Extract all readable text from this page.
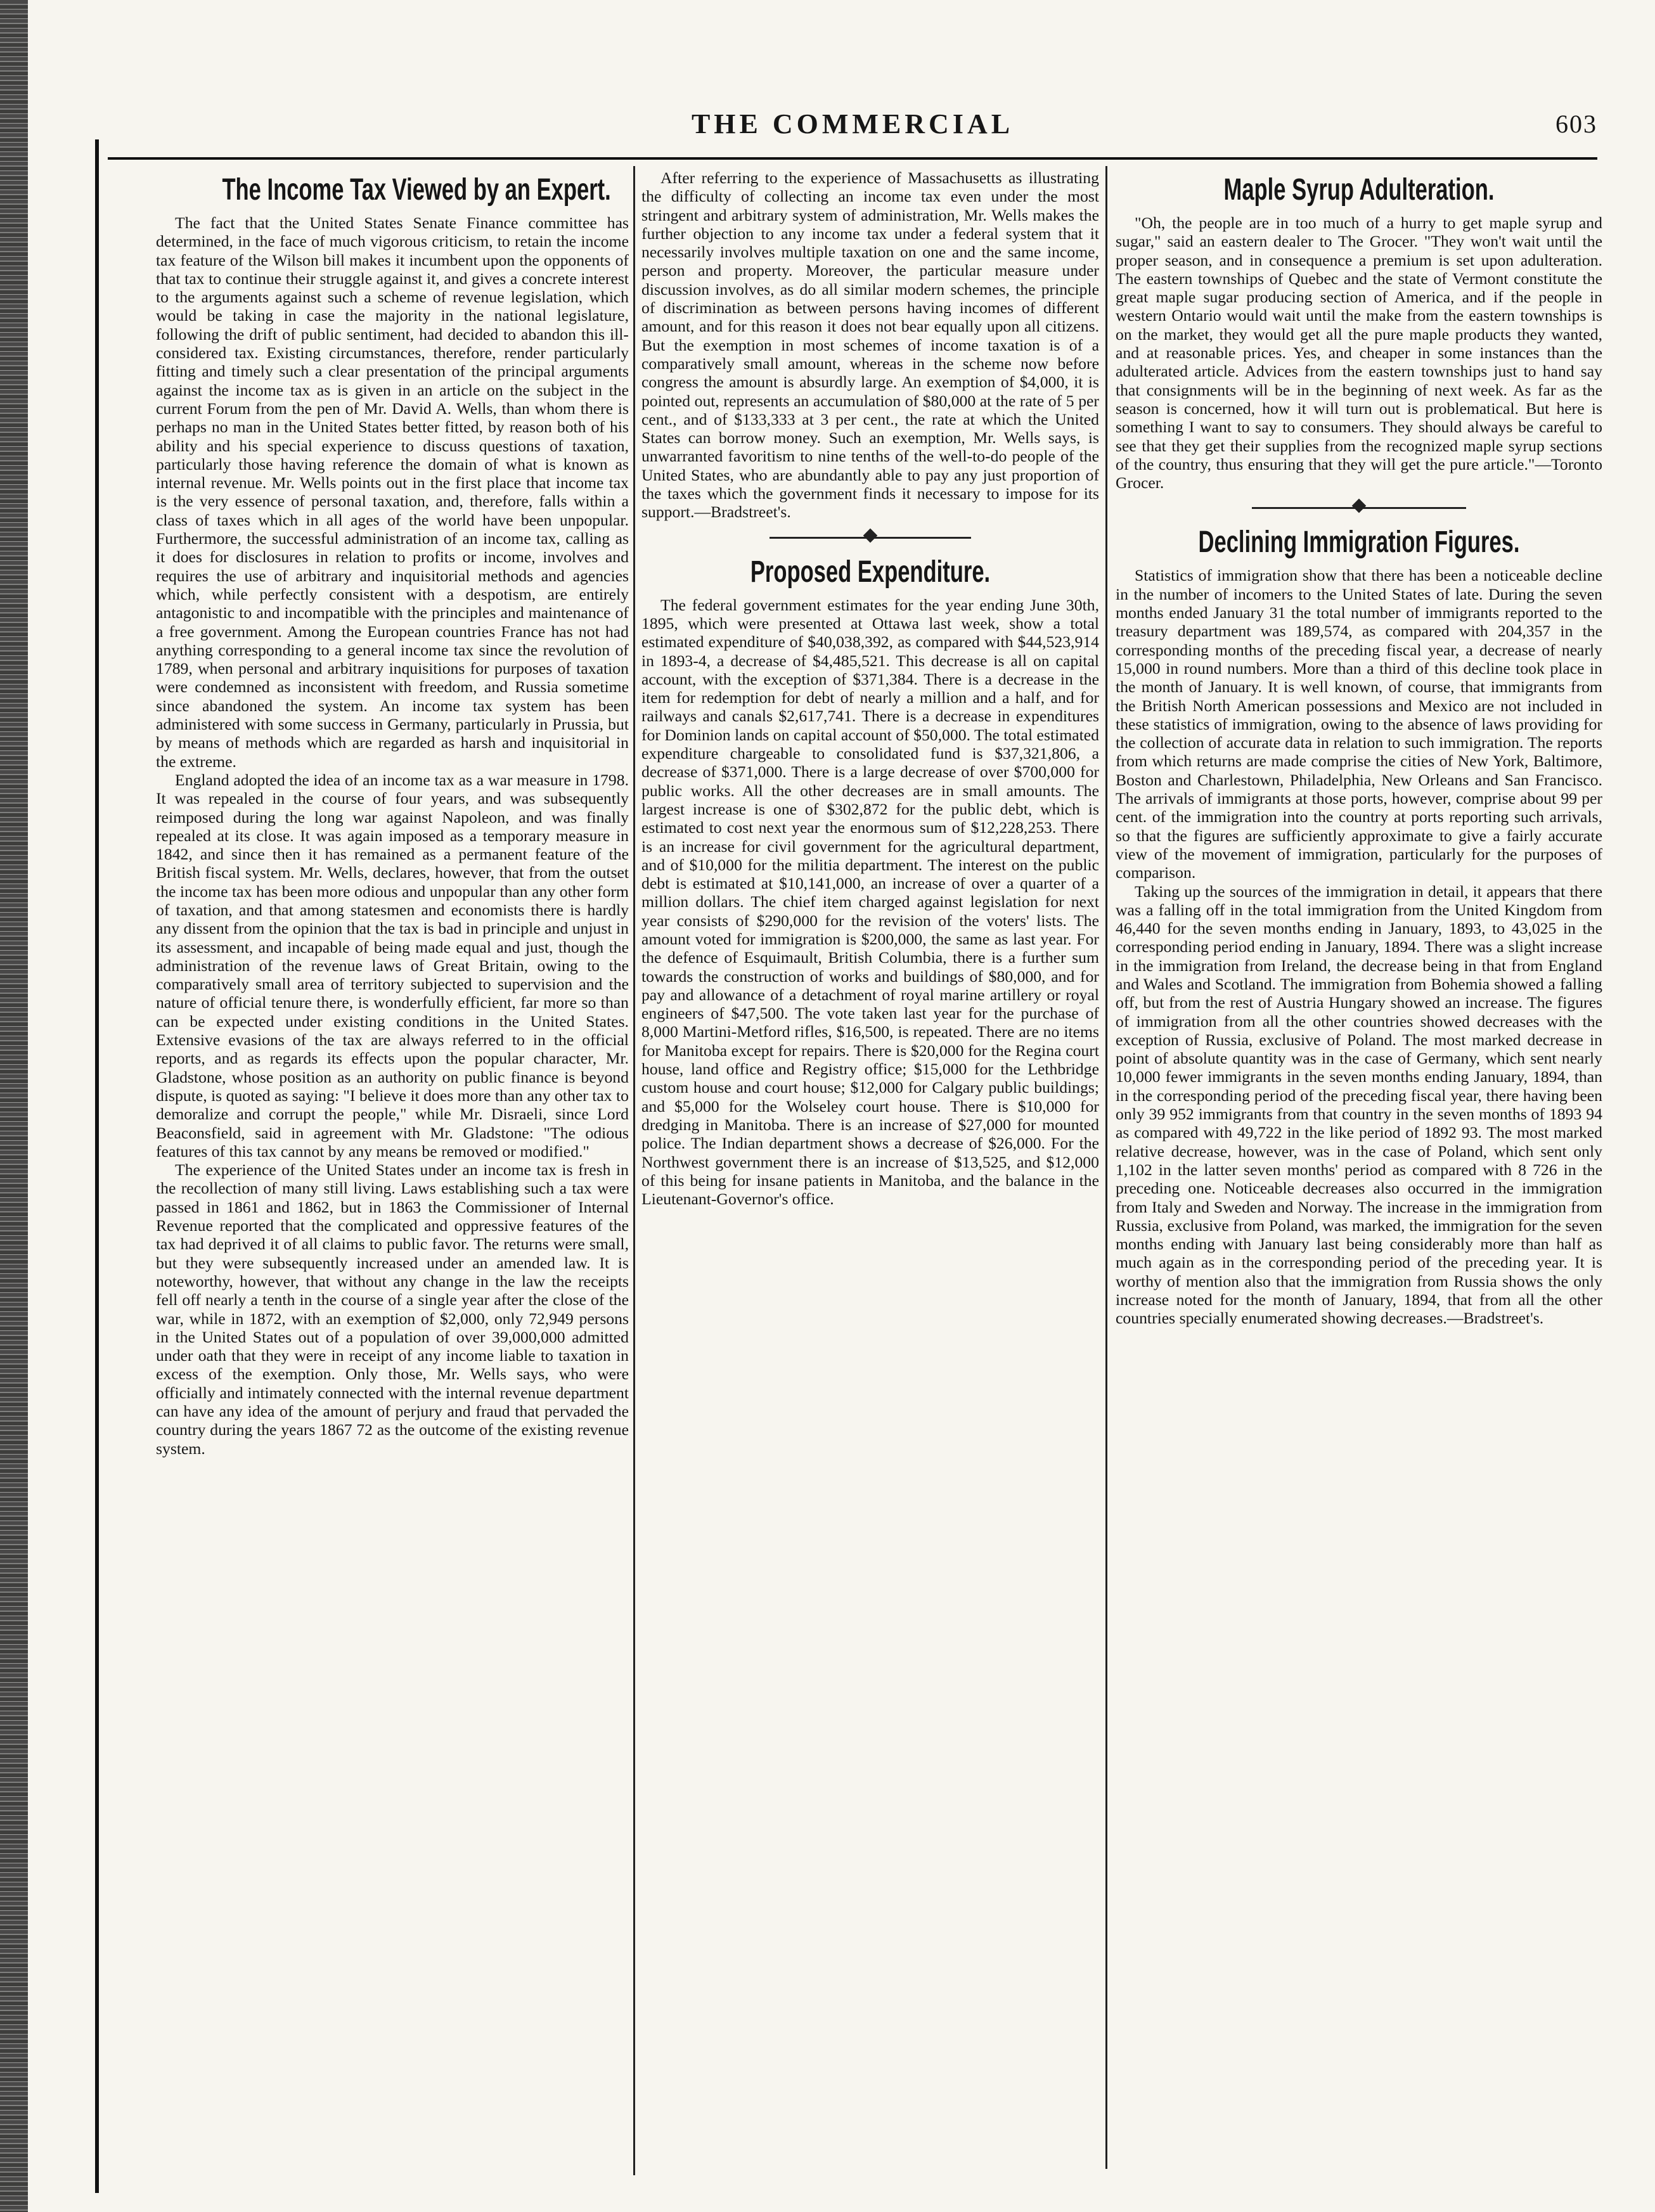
THE COMMERCIAL	603
The Income Tax Viewed by an Expert.

The fact that the United States Senate Finance committee has determined, in the face of much vigorous criticism, to retain the income tax feature of the Wilson bill makes it incumbent upon the opponents of that tax to continue their struggle against it, and gives a concrete interest to the arguments against such a scheme of revenue legislation, which would be taking in case the majority in the national legislature, following the drift of public sentiment, had decided to abandon this ill-considered tax. Existing circumstances, therefore, render particularly fitting and timely such a clear presentation of the principal arguments against the income tax as is given in an article on the subject in the current Forum from the pen of Mr. David A. Wells, than whom there is perhaps no man in the United States better fitted, by reason both of his ability and his special experience to discuss questions of taxation, particularly those having reference the domain of what is known as internal revenue. Mr. Wells points out in the first place that income tax is the very essence of personal taxation, and, therefore, falls within a class of taxes which in all ages of the world have been unpopular. Furthermore, the successful administration of an income tax, calling as it does for disclosures in relation to profits or income, involves and requires the use of arbitrary and inquisitorial methods and agencies which, while perfectly consistent with a despotism, are entirely antagonistic to and incompatible with the principles and maintenance of a free government. Among the European countries France has not had anything corresponding to a general income tax since the revolution of 1789, when personal and arbitrary inquisitions for purposes of taxation were condemned as inconsistent with freedom, and Russia sometime since abandoned the system. An income tax system has been administered with some success in Germany, particularly in Prussia, but by means of methods which are regarded as harsh and inquisitorial in the extreme.

England adopted the idea of an income tax as a war measure in 1798. It was repealed in the course of four years, and was subsequently reimposed during the long war against Napoleon, and was finally repealed at its close. It was again imposed as a temporary measure in 1842, and since then it has remained as a permanent feature of the British fiscal system. Mr. Wells, declares, however, that from the outset the income tax has been more odious and unpopular than any other form of taxation, and that among statesmen and economists there is hardly any dissent from the opinion that the tax is bad in principle and unjust in its assessment, and incapable of being made equal and just, though the administration of the revenue laws of Great Britain, owing to the comparatively small area of territory subjected to supervision and the nature of official tenure there, is wonderfully efficient, far more so than can be expected under existing conditions in the United States. Extensive evasions of the tax are always referred to in the official reports, and as regards its effects upon the popular character, Mr. Gladstone, whose position as an authority on public finance is beyond dispute, is quoted as saying: "I believe it does more than any other tax to demoralize and corrupt the people," while Mr. Disraeli, since Lord Beaconsfield, said in agreement with Mr. Gladstone: "The odious features of this tax cannot by any means be removed or modified."

The experience of the United States under an income tax is fresh in the recollection of many still living. Laws establishing such a tax were passed in 1861 and 1862, but in 1863 the Commissioner of Internal Revenue reported that the complicated and oppressive features of the tax had deprived it of all claims to public favor. The returns were small, but they were subsequently increased under an amended law. It is noteworthy, however, that without any change in the law the receipts fell off nearly a tenth in the course of a single year after the close of the war, while in 1872, with an exemption of $2,000, only 72,949 persons in the United States out of a population of over 39,000,000 admitted under oath that they were in receipt of any income liable to taxation in excess of the exemption. Only those, Mr. Wells says, who were officially and intimately connected with the internal revenue department can have any idea of the amount of perjury and fraud that pervaded the country during the years 1867 72 as the outcome of the existing revenue system.

After referring to the experience of Massachusetts as illustrating the difficulty of collecting an income tax even under the most stringent and arbitrary system of administration, Mr. Wells makes the further objection to any income tax under a federal system that it necessarily involves multiple taxation on one and the same income, person and property. Moreover, the particular measure under discussion involves, as do all similar modern schemes, the principle of discrimination as between persons having incomes of different amount, and for this reason it does not bear equally upon all citizens. But the exemption in most schemes of income taxation is of a comparatively small amount, whereas in the scheme now before congress the amount is absurdly large. An exemption of $4,000, it is pointed out, represents an accumulation of $80,000 at the rate of 5 per cent., and of $133,333 at 3 per cent., the rate at which the United States can borrow money. Such an exemption, Mr. Wells says, is unwarranted favoritism to nine tenths of the well-to-do people of the United States, who are abundantly able to pay any just proportion of the taxes which the government finds it necessary to impose for its support.—Bradstreet's.

Proposed Expenditure.

The federal government estimates for the year ending June 30th, 1895, which were presented at Ottawa last week, show a total estimated expenditure of $40,038,392, as compared with $44,523,914 in 1893-4, a decrease of $4,485,521. This decrease is all on capital account, with the exception of $371,384. There is a decrease in the item for redemption for debt of nearly a million and a half, and for railways and canals $2,617,741. There is a decrease in expenditures for Dominion lands on capital account of $50,000. The total estimated expenditure chargeable to consolidated fund is $37,321,806, a decrease of $371,000. There is a large decrease of over $700,000 for public works. All the other decreases are in small amounts. The largest increase is one of $302,872 for the public debt, which is estimated to cost next year the enormous sum of $12,228,253. There is an increase for civil government for the agricultural department, and of $10,000 for the militia department. The interest on the public debt is estimated at $10,141,000, an increase of over a quarter of a million dollars. The chief item charged against legislation for next year consists of $290,000 for the revision of the voters' lists. The amount voted for immigration is $200,000, the same as last year. For the defence of Esquimault, British Columbia, there is a further sum towards the construction of works and buildings of $80,000, and for pay and allowance of a detachment of royal marine artillery or royal engineers of $47,500. The vote taken last year for the purchase of 8,000 Martini-Metford rifles, $16,500, is repeated. There are no items for Manitoba except for repairs. There is $20,000 for the Regina court house, land office and Registry office; $15,000 for the Lethbridge custom house and court house; $12,000 for Calgary public buildings; and $5,000 for the Wolseley court house. There is $10,000 for dredging in Manitoba. There is an increase of $27,000 for mounted police. The Indian department shows a decrease of $26,000. For the Northwest government there is an increase of $13,525, and $12,000 of this being for insane patients in Manitoba, and the balance in the Lieutenant-Governor's office.

Maple Syrup Adulteration.

"Oh, the people are in too much of a hurry to get maple syrup and sugar," said an eastern dealer to The Grocer. "They won't wait until the proper season, and in consequence a premium is set upon adulteration. The eastern townships of Quebec and the state of Vermont constitute the great maple sugar producing section of America, and if the people in western Ontario would wait until the make from the eastern townships is on the market, they would get all the pure maple products they wanted, and at reasonable prices. Yes, and cheaper in some instances than the adulterated article. Advices from the eastern townships just to hand say that consignments will be in the beginning of next week. As far as the season is concerned, how it will turn out is problematical. But here is something I want to say to consumers. They should always be careful to see that they get their supplies from the recognized maple syrup sections of the country, thus ensuring that they will get the pure article."—Toronto Grocer.

Declining Immigration Figures.

Statistics of immigration show that there has been a noticeable decline in the number of incomers to the United States of late. During the seven months ended January 31 the total number of immigrants reported to the treasury department was 189,574, as compared with 204,357 in the corresponding months of the preceding fiscal year, a decrease of nearly 15,000 in round numbers. More than a third of this decline took place in the month of January. It is well known, of course, that immigrants from the British North American possessions and Mexico are not included in these statistics of immigration, owing to the absence of laws providing for the collection of accurate data in relation to such immigration. The reports from which returns are made comprise the cities of New York, Baltimore, Boston and Charlestown, Philadelphia, New Orleans and San Francisco. The arrivals of immigrants at those ports, however, comprise about 99 per cent. of the immigration into the country at ports reporting such arrivals, so that the figures are sufficiently approximate to give a fairly accurate view of the movement of immigration, particularly for the purposes of comparison.

Taking up the sources of the immigration in detail, it appears that there was a falling off in the total immigration from the United Kingdom from 46,440 for the seven months ending in January, 1893, to 43,025 in the corresponding period ending in January, 1894. There was a slight increase in the immigration from Ireland, the decrease being in that from England and Wales and Scotland. The immigration from Bohemia showed a falling off, but from the rest of Austria Hungary showed an increase. The figures of immigration from all the other countries showed decreases with the exception of Russia, exclusive of Poland. The most marked decrease in point of absolute quantity was in the case of Germany, which sent nearly 10,000 fewer immigrants in the seven months ending January, 1894, than in the corresponding period of the preceding fiscal year, there having been only 39 952 immigrants from that country in the seven months of 1893 94 as compared with 49,722 in the like period of 1892 93. The most marked relative decrease, however, was in the case of Poland, which sent only 1,102 in the latter seven months' period as compared with 8 726 in the preceding one. Noticeable decreases also occurred in the immigration from Italy and Sweden and Norway. The increase in the immigration from Russia, exclusive from Poland, was marked, the immigration for the seven months ending with January last being considerably more than half as much again as in the corresponding period of the preceding year. It is worthy of mention also that the immigration from Russia shows the only increase noted for the month of January, 1894, that from all the other countries specially enumerated showing decreases.—Bradstreet's.
